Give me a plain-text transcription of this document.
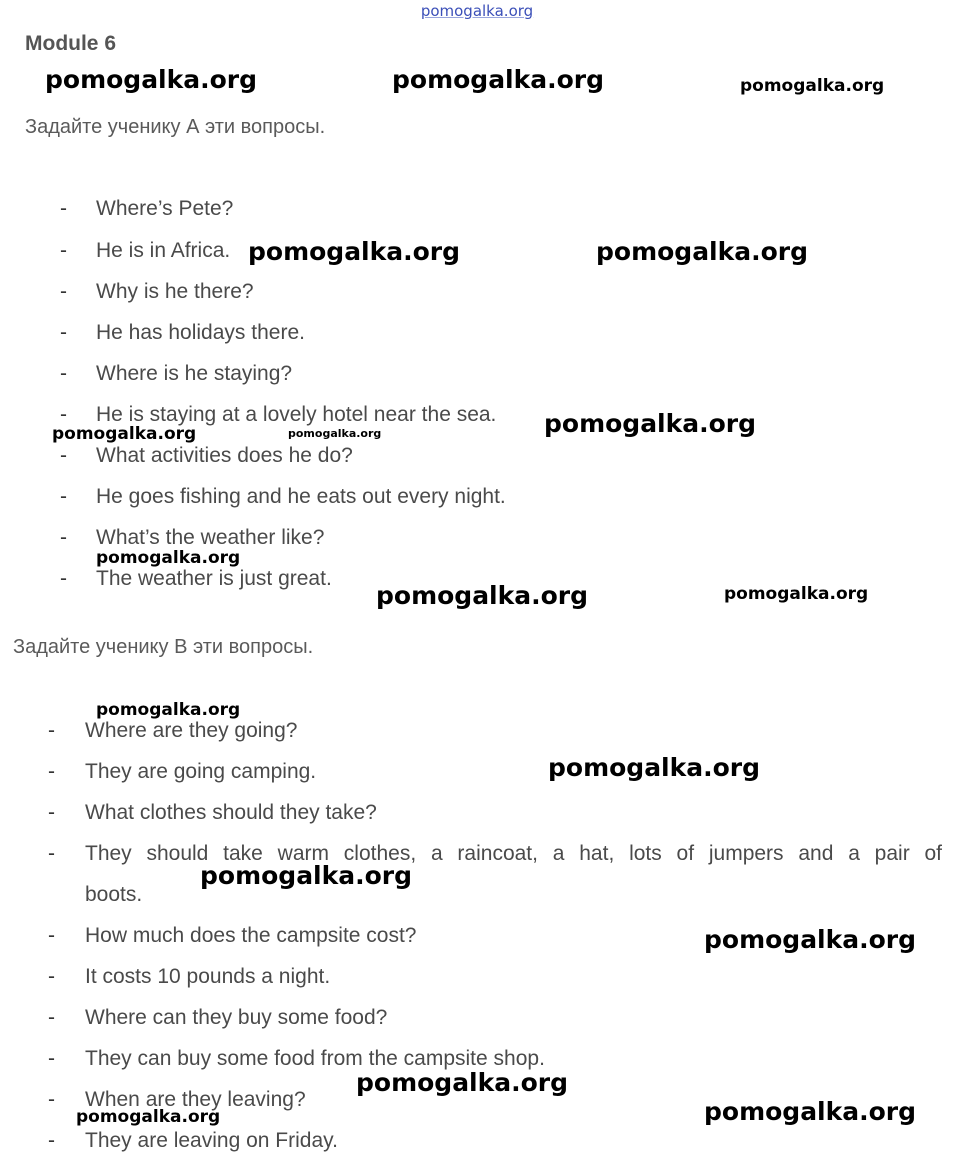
pomogalka.org
Module 6
Задайте ученику А эти вопросы.
- Where’s Pete?
- He is in Africa.
- Why is he there?
- He has holidays there.
- Where is he staying?
- He is staying at a lovely hotel near the sea.
- What activities does he do?
- He goes fishing and he eats out every night.
- What’s the weather like?
- The weather is just great.
Задайте ученику В эти вопросы.
- Where are they going?
- They are going camping.
- What clothes should they take?
- They should take warm clothes, a raincoat, a hat, lots of jumpers and a pair of
boots.
- How much does the campsite cost?
- It costs 10 pounds a night.
- Where can they buy some food?
- They can buy some food from the campsite shop.
- When are they leaving?
- They are leaving on Friday.
pomogalka.org	pomogalka.org	pomogalka.org
pomogalka.org	pomogalka.org
pomogalka.org
pomogalka.org	pomogalka.org
pomogalka.org
pomogalka.org	pomogalka.org
pomogalka.org
pomogalka.org
pomogalka.org
pomogalka.org
pomogalka.org
pomogalka.org
pomogalka.org
